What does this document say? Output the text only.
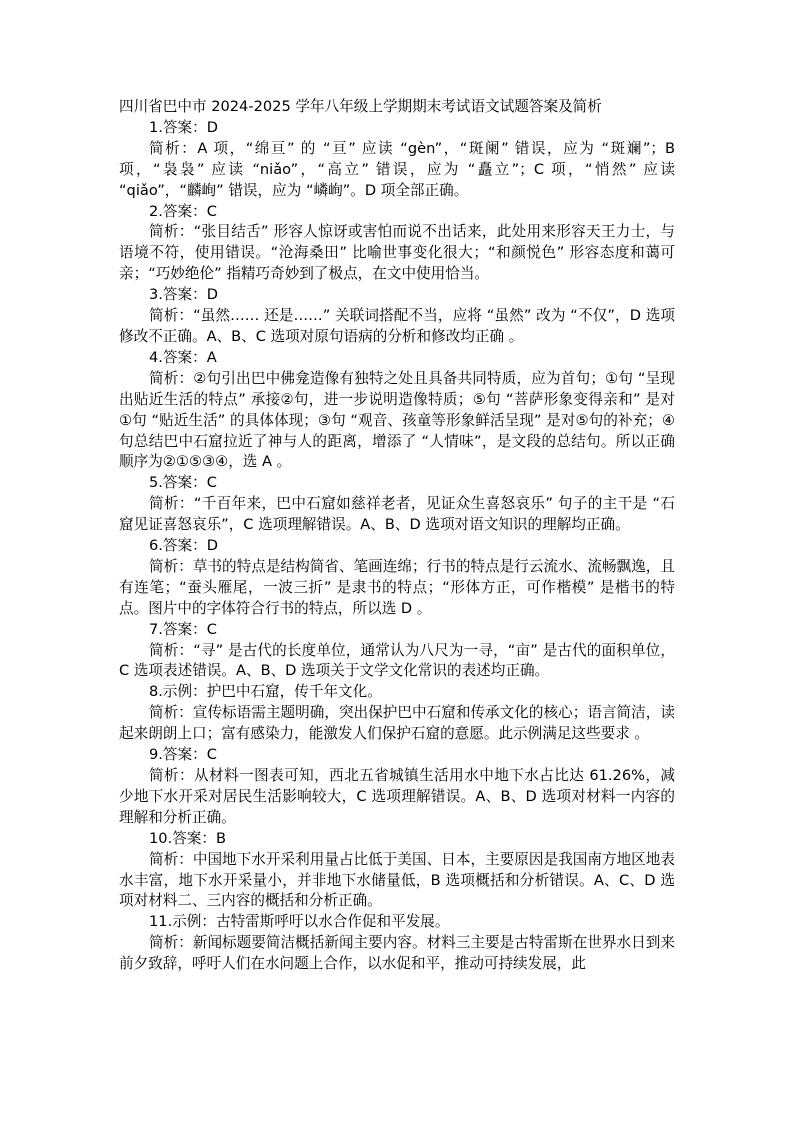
四川省巴中市 2024-2025 学年八年级上学期期末考试语文试题答案及简析

1.答案：D

简析：A 项，“绵亘” 的 “亘” 应读 “gèn”，“斑阑” 错误，应为 “斑斓”；B 项，“袅袅” 应读 “niǎo”，“高立” 错误，应为 “矗立”；C 项，“悄然” 应读 “qiǎo”，“麟峋” 错误，应为 “嶙峋”。D 项全部正确。

2.答案：C

简析：“张目结舌” 形容人惊讶或害怕而说不出话来，此处用来形容天王力士，与语境不符，使用错误。“沧海桑田” 比喻世事变化很大；“和颜悦色” 形容态度和蔼可亲；“巧妙绝伦” 指精巧奇妙到了极点，在文中使用恰当。

3.答案：D

简析：“虽然…… 还是……” 关联词搭配不当，应将 “虽然” 改为 “不仅”，D 选项修改不正确。A、B、C 选项对原句语病的分析和修改均正确 。

4.答案：A

简析：②句引出巴中佛龛造像有独特之处且具备共同特质，应为首句；①句 “呈现出贴近生活的特点” 承接②句，进一步说明造像特质；⑤句 “菩萨形象变得亲和” 是对①句 “贴近生活” 的具体体现；③句 “观音、孩童等形象鲜活呈现” 是对⑤句的补充；④句总结巴中石窟拉近了神与人的距离，增添了 “人情味”，是文段的总结句。所以正确顺序为②①⑤③④，选 A 。

5.答案：C

简析：“千百年来，巴中石窟如慈祥老者，见证众生喜怒哀乐” 句子的主干是 “石窟见证喜怒哀乐”，C 选项理解错误。A、B、D 选项对语文知识的理解均正确。

6.答案：D

简析：草书的特点是结构简省、笔画连绵；行书的特点是行云流水、流畅飘逸，且有连笔；“蚕头雁尾，一波三折” 是隶书的特点；“形体方正，可作楷模” 是楷书的特点。图片中的字体符合行书的特点，所以选 D 。

7.答案：C

简析：“寻” 是古代的长度单位，通常认为八尺为一寻，“亩” 是古代的面积单位，C 选项表述错误。A、B、D 选项关于文学文化常识的表述均正确。

8.示例：护巴中石窟，传千年文化。

简析：宣传标语需主题明确，突出保护巴中石窟和传承文化的核心；语言简洁，读起来朗朗上口；富有感染力，能激发人们保护石窟的意愿。此示例满足这些要求 。

9.答案：C

简析：从材料一图表可知，西北五省城镇生活用水中地下水占比达 61.26%，减少地下水开采对居民生活影响较大，C 选项理解错误。A、B、D 选项对材料一内容的理解和分析正确。

10.答案：B

简析：中国地下水开采利用量占比低于美国、日本，主要原因是我国南方地区地表水丰富，地下水开采量小，并非地下水储量低，B 选项概括和分析错误。A、C、D 选项对材料二、三内容的概括和分析正确。

11.示例：古特雷斯呼吁以水合作促和平发展。

简析：新闻标题要简洁概括新闻主要内容。材料三主要是古特雷斯在世界水日到来前夕致辞，呼吁人们在水问题上合作，以水促和平，推动可持续发展，此
